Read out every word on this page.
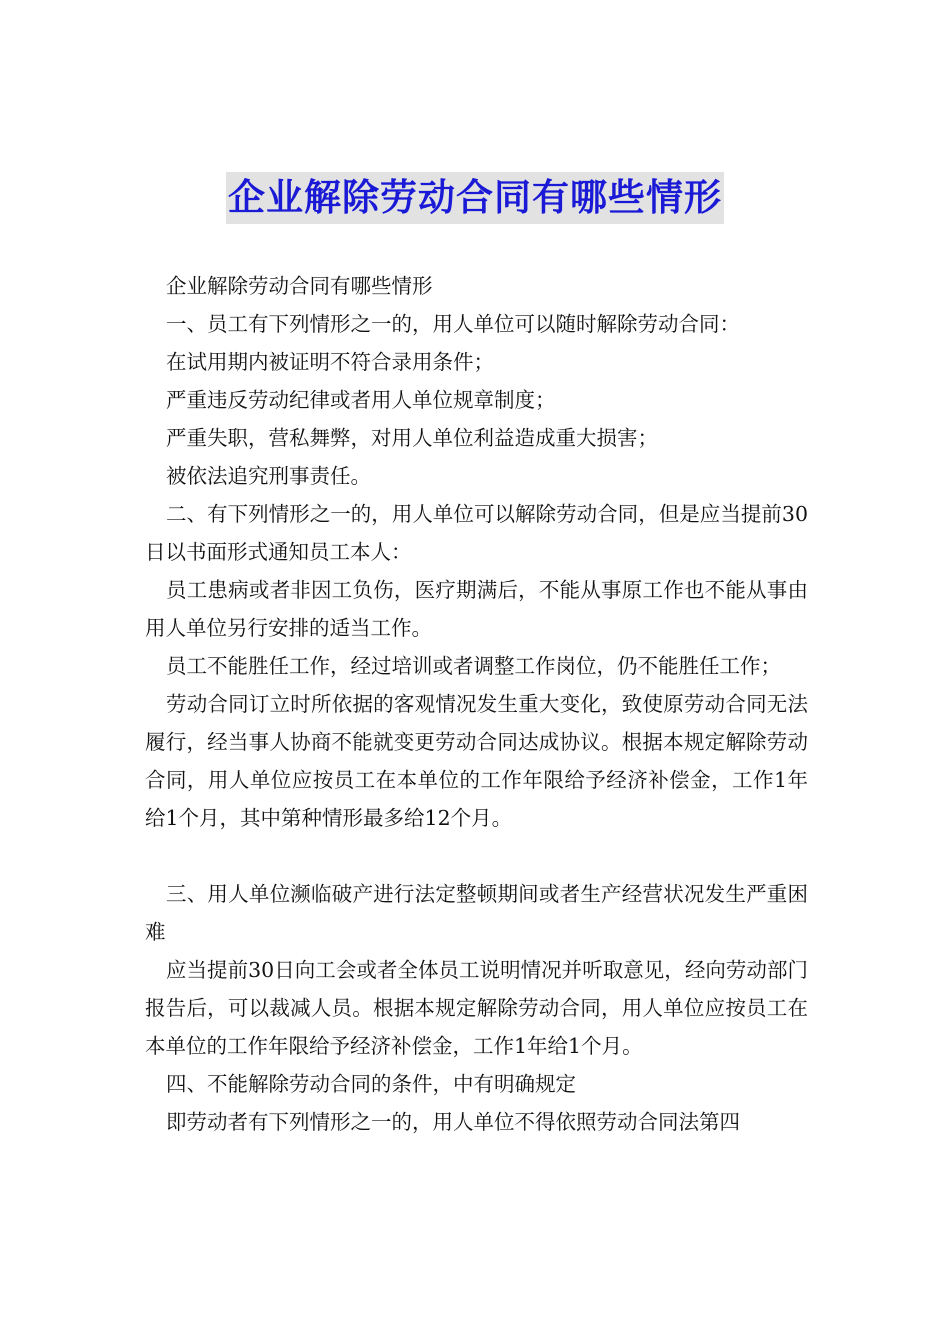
企业解除劳动合同有哪些情形

企业解除劳动合同有哪些情形

一、员工有下列情形之一的，用人单位可以随时解除劳动合同：

在试用期内被证明不符合录用条件；

严重违反劳动纪律或者用人单位规章制度；

严重失职，营私舞弊，对用人单位利益造成重大损害；

被依法追究刑事责任。

二、有下列情形之一的，用人单位可以解除劳动合同，但是应当提前30日以书面形式通知员工本人：

员工患病或者非因工负伤，医疗期满后，不能从事原工作也不能从事由用人单位另行安排的适当工作。

员工不能胜任工作，经过培训或者调整工作岗位，仍不能胜任工作；

劳动合同订立时所依据的客观情况发生重大变化，致使原劳动合同无法履行，经当事人协商不能就变更劳动合同达成协议。根据本规定解除劳动合同，用人单位应按员工在本单位的工作年限给予经济补偿金，工作1年给1个月，其中第种情形最多给12个月。

三、用人单位濒临破产进行法定整顿期间或者生产经营状况发生严重困难

应当提前30日向工会或者全体员工说明情况并听取意见，经向劳动部门报告后，可以裁减人员。根据本规定解除劳动合同，用人单位应按员工在本单位的工作年限给予经济补偿金，工作1年给1个月。

四、不能解除劳动合同的条件，中有明确规定

即劳动者有下列情形之一的，用人单位不得依照劳动合同法第四
